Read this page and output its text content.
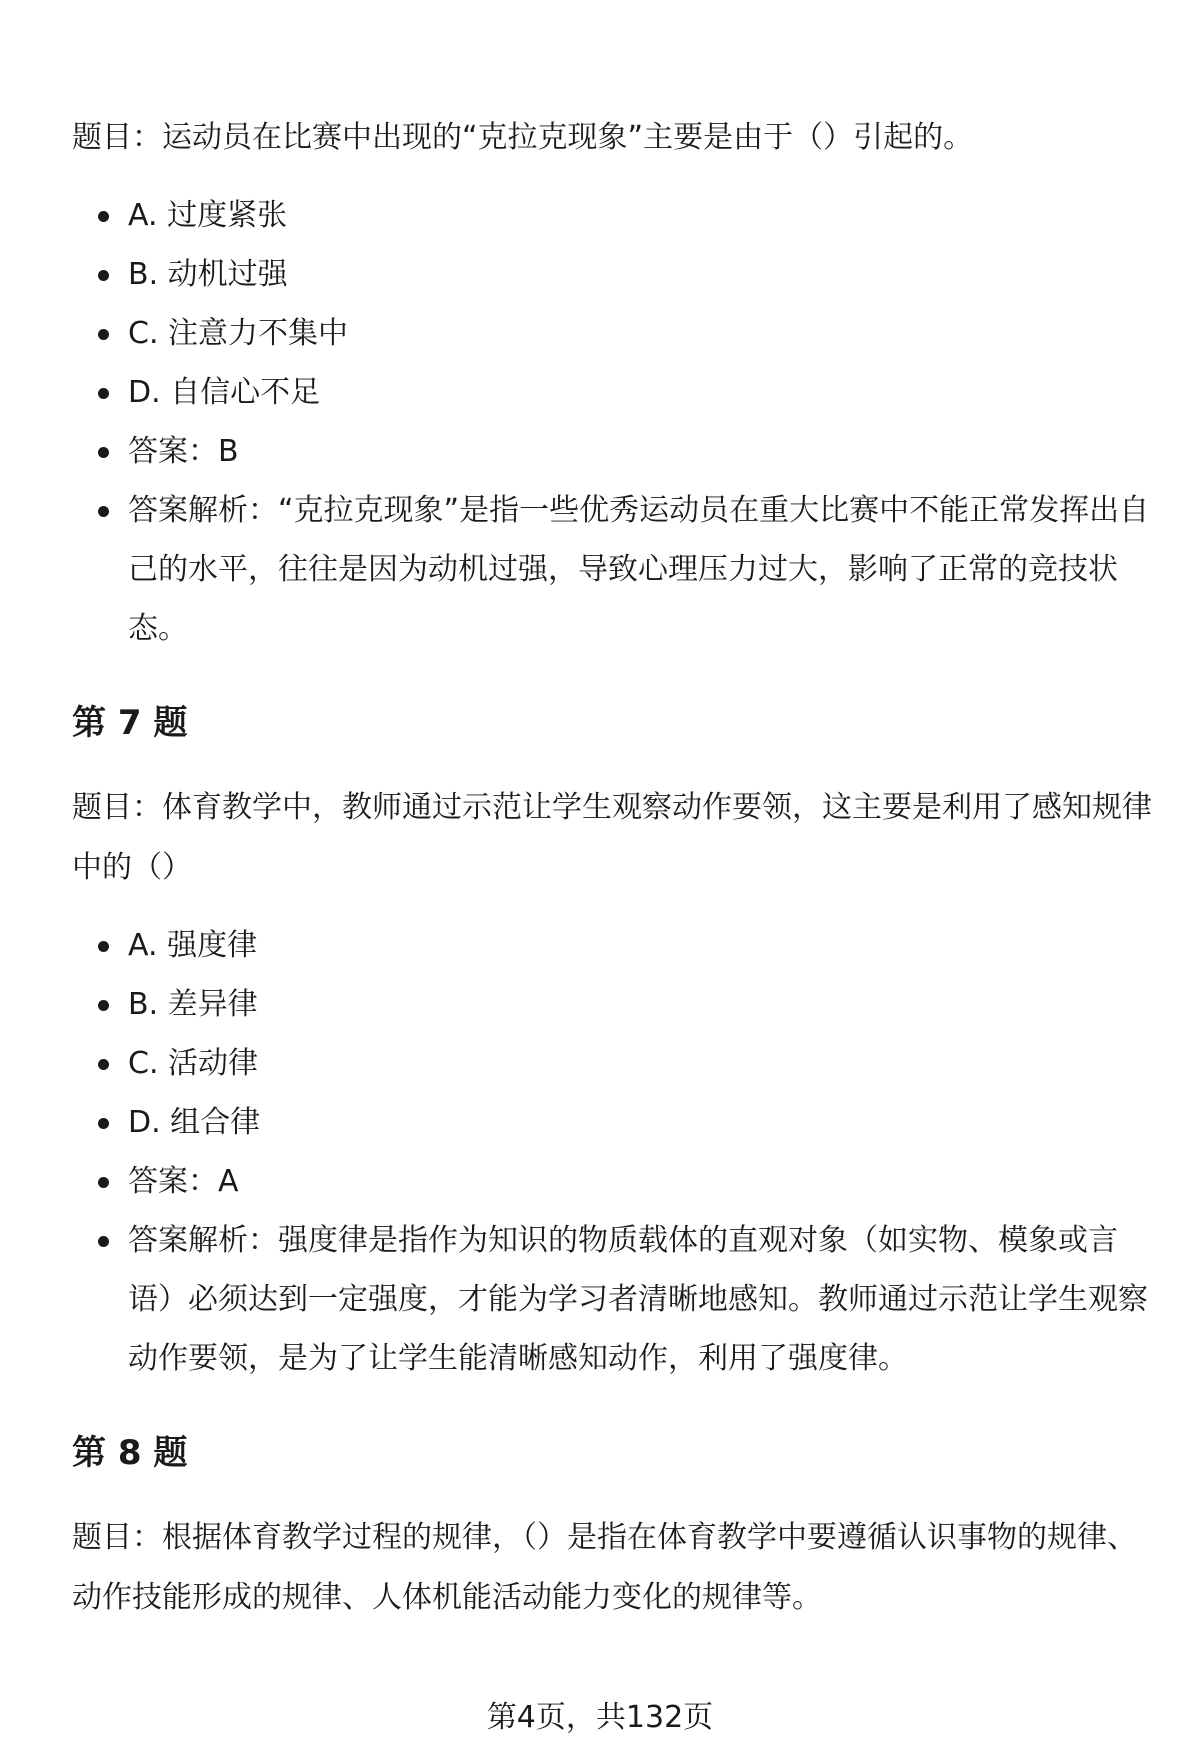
题目：运动员在比赛中出现的“克拉克现象”主要是由于（）引起的。

A. 过度紧张
B. 动机过强
C. 注意力不集中
D. 自信心不足
答案：B
答案解析：“克拉克现象”是指一些优秀运动员在重大比赛中不能正常发挥出自己的水平，往往是因为动机过强，导致心理压力过大，影响了正常的竞技状态。
第 7 题

题目：体育教学中，教师通过示范让学生观察动作要领，这主要是利用了感知规律中的（）

A. 强度律
B. 差异律
C. 活动律
D. 组合律
答案：A
答案解析：强度律是指作为知识的物质载体的直观对象（如实物、模象或言语）必须达到一定强度，才能为学习者清晰地感知。教师通过示范让学生观察动作要领，是为了让学生能清晰感知动作，利用了强度律。
第 8 题

题目：根据体育教学过程的规律，（）是指在体育教学中要遵循认识事物的规律、动作技能形成的规律、人体机能活动能力变化的规律等。

第4页，共132页
